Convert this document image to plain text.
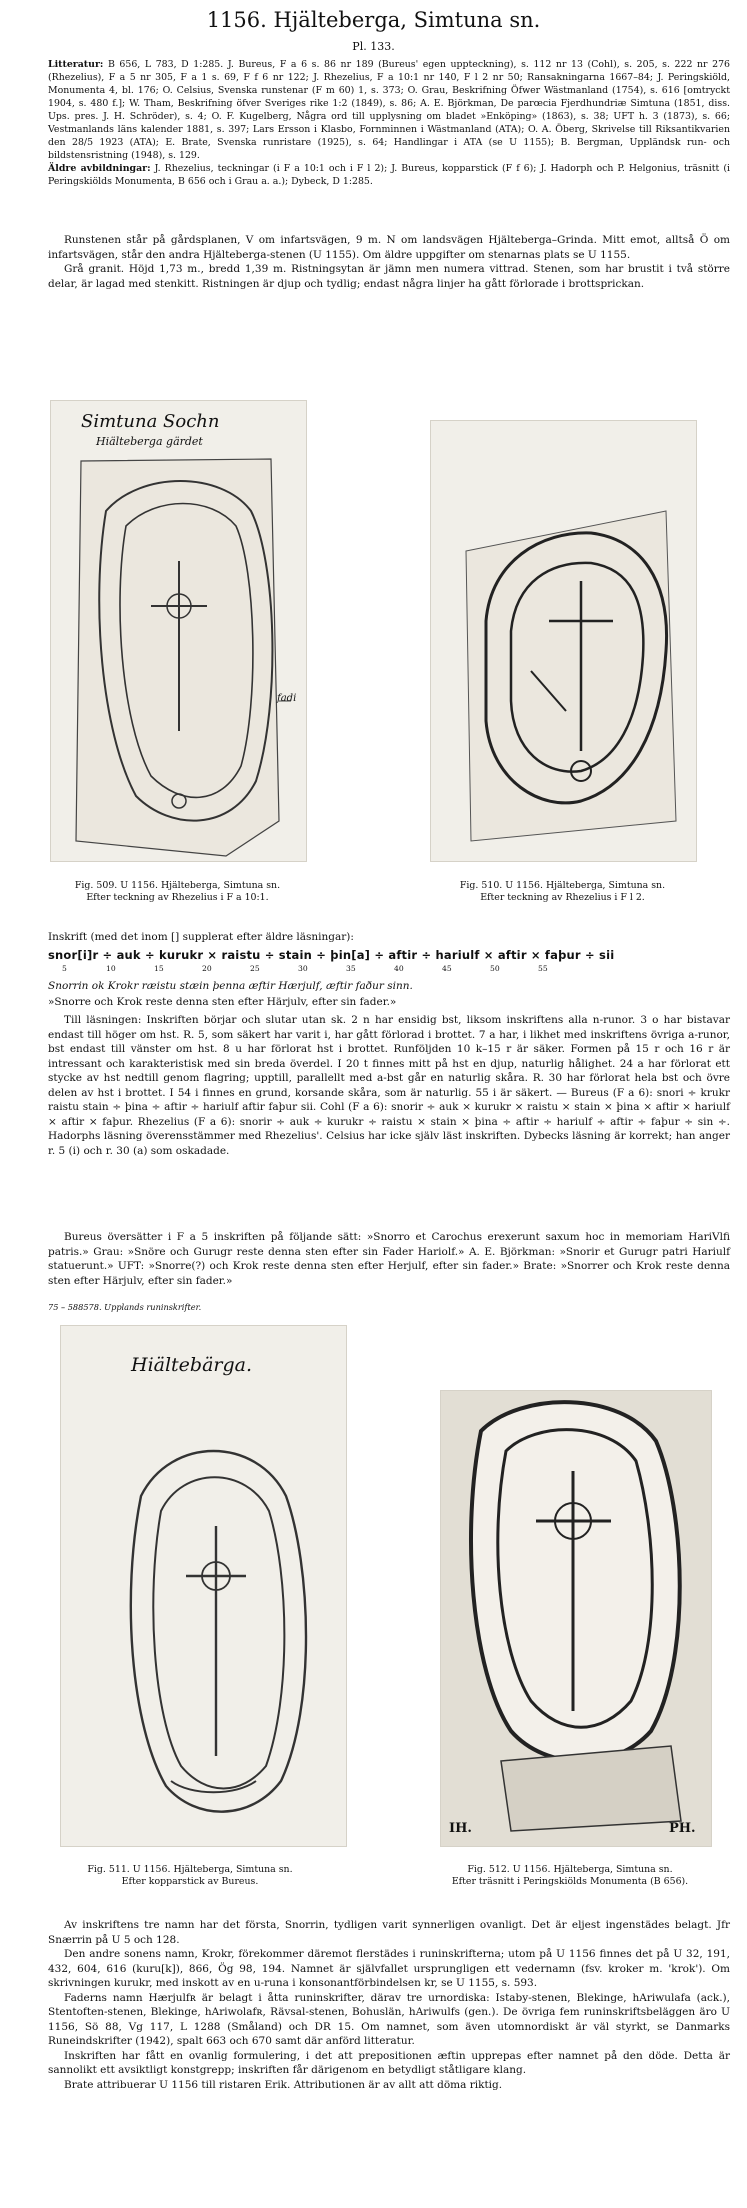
1156. Hjälteberga, Simtuna sn.
Pl. 133.
Litteratur: B 656, L 783, D 1:285. J. Bureus, F a 6 s. 86 nr 189 (Bureus' egen uppteckning), s. 112 nr 13 (Cohl), s. 205, s. 222 nr 276 (Rhezelius), F a 5 nr 305, F a 1 s. 69, F f 6 nr 122; J. Rhezelius, F a 10:1 nr 140, F l 2 nr 50; Ransakningarna 1667–84; J. Peringskiöld, Monumenta 4, bl. 176; O. Celsius, Svenska runstenar (F m 60) 1, s. 373; O. Grau, Beskrifning Öfwer Wästmanland (1754), s. 616 [omtryckt 1904, s. 480 f.]; W. Tham, Beskrifning öfver Sveriges rike 1:2 (1849), s. 86; A. E. Björkman, De parœcia Fjerdhundriæ Simtuna (1851, diss. Ups. pres. J. H. Schröder), s. 4; O. F. Kugelberg, Några ord till upplysning om bladet »Enköping» (1863), s. 38; UFT h. 3 (1873), s. 66; Vestmanlands läns kalender 1881, s. 397; Lars Ersson i Klasbo, Fornminnen i Wästmanland (ATA); O. A. Öberg, Skrivelse till Riksantikvarien den 28/5 1923 (ATA); E. Brate, Svenska runristare (1925), s. 64; Handlingar i ATA (se U 1155); B. Bergman, Uppländsk run- och bildstensristning (1948), s. 129.
Äldre avbildningar: J. Rhezelius, teckningar (i F a 10:1 och i F l 2); J. Bureus, kopparstick (F f 6); J. Hadorph och P. Helgonius, träsnitt (i Peringskiölds Monumenta, B 656 och i Grau a. a.); Dybeck, D 1:285.
Runstenen står på gårdsplanen, V om infartsvägen, 9 m. N om landsvägen Hjälteberga–Grinda. Mitt emot, alltså Ö om infartsvägen, står den andra Hjälteberga-stenen (U 1155). Om äldre uppgifter om stenarnas plats se U 1155.
Grå granit. Höjd 1,73 m., bredd 1,39 m. Ristningsytan är jämn men numera vittrad. Stenen, som har brustit i två större delar, är lagad med stenkitt. Ristningen är djup och tydlig; endast några linjer ha gått förlorade i brottsprickan.
Simtuna Sochn
Hiälteberga gärdet
fadi
Fig. 509. U 1156. Hjälteberga, Simtuna sn.
Efter teckning av Rhezelius i F a 10:1.
Fig. 510. U 1156. Hjälteberga, Simtuna sn.
Efter teckning av Rhezelius i F l 2.
Inskrift (med det inom [] supplerat efter äldre läsningar):
snor[i]r ÷ auk ÷ kurukr × raistu ÷ stain ÷ þin[a] ÷ aftir ÷ hariulf × aftir × faþur ÷ sii
5	10	15	20	25	30	35	40	45	50	55
Snorrin ok Krokr ræistu stæin þenna æftir Hærjulf, æftir faður sinn.
»Snorre och Krok reste denna sten efter Härjulv, efter sin fader.»
Till läsningen: Inskriften börjar och slutar utan sk. 2 n har ensidig bst, liksom inskriftens alla n-runor. 3 o har bistavar endast till höger om hst. R. 5, som säkert har varit i, har gått förlorad i brottet. 7 a har, i likhet med inskriftens övriga a-runor, bst endast till vänster om hst. 8 u har förlorat hst i brottet. Runföljden 10 k–15 r är säker. Formen på 15 r och 16 r är intressant och karakteristisk med sin breda överdel. I 20 t finnes mitt på hst en djup, naturlig hålighet. 24 a har förlorat ett stycke av hst nedtill genom flagring; upptill, parallellt med a-bst går en naturlig skåra. R. 30 har förlorat hela bst och övre delen av hst i brottet. I 54 i finnes en grund, korsande skåra, som är naturlig. 55 i är säkert. — Bureus (F a 6): snori ÷ krukr raistu stain ÷ þina ÷ aftir ÷ hariulf aftir faþur sii. Cohl (F a 6): snorir ÷ auk × kurukr × raistu × stain × þina × aftir × hariulf × aftir × faþur. Rhezelius (F a 6): snorir ÷ auk ÷ kurukr ÷ raistu × stain × þina ÷ aftir ÷ hariulf ÷ aftir ÷ faþur ÷ sin ÷. Hadorphs läsning överensstämmer med Rhezelius'. Celsius har icke själv läst inskriften. Dybecks läsning är korrekt; han anger r. 5 (i) och r. 30 (a) som oskadade.
Bureus översätter i F a 5 inskriften på följande sätt: »Snorro et Carochus erexerunt saxum hoc in memoriam HariVlfi patris.» Grau: »Snöre och Gurugr reste denna sten efter sin Fader Hariolf.» A. E. Björkman: »Snorir et Gurugr patri Hariulf statuerunt.» UFT: »Snorre(?) och Krok reste denna sten efter Herjulf, efter sin fader.» Brate: »Snorrer och Krok reste denna sten efter Härjulv, efter sin fader.»
75 – 588578. Upplands runinskrifter.
Hiältebärga.
Fig. 511. U 1156. Hjälteberga, Simtuna sn.
Efter kopparstick av Bureus.
IH.	PH.
Fig. 512. U 1156. Hjälteberga, Simtuna sn.
Efter träsnitt i Peringskiölds Monumenta (B 656).
Av inskriftens tre namn har det första, Snorrin, tydligen varit synnerligen ovanligt. Det är eljest ingenstädes belagt. Jfr Snærrin på U 5 och 128.
Den andre sonens namn, Krokr, förekommer däremot flerstädes i runinskrifterna; utom på U 1156 finnes det på U 32, 191, 432, 604, 616 (kuru[k]), 866, Ög 98, 194. Namnet är självfallet ursprungligen ett vedernamn (fsv. kroker m. 'krok'). Om skrivningen kurukr, med inskott av en u-runa i konsonantförbindelsen kr, se U 1155, s. 593.
Faderns namn Hærjulfʀ är belagt i åtta runinskrifter, därav tre urnordiska: Istaby-stenen, Blekinge, hAriwulafa (ack.), Stentoften-stenen, Blekinge, hAriwolafʀ, Rävsal-stenen, Bohuslän, hAriwulfs (gen.). De övriga fem runinskriftsbeläggen äro U 1156, Sö 88, Vg 117, L 1288 (Småland) och DR 15. Om namnet, som även utomnordiskt är väl styrkt, se Danmarks Runeindskrifter (1942), spalt 663 och 670 samt där anförd litteratur.
Inskriften har fått en ovanlig formulering, i det att prepositionen æftin upprepas efter namnet på den döde. Detta är sannolikt ett avsiktligt konstgrepp; inskriften får därigenom en betydligt ståtligare klang.
Brate attribuerar U 1156 till ristaren Erik. Attributionen är av allt att döma riktig.
